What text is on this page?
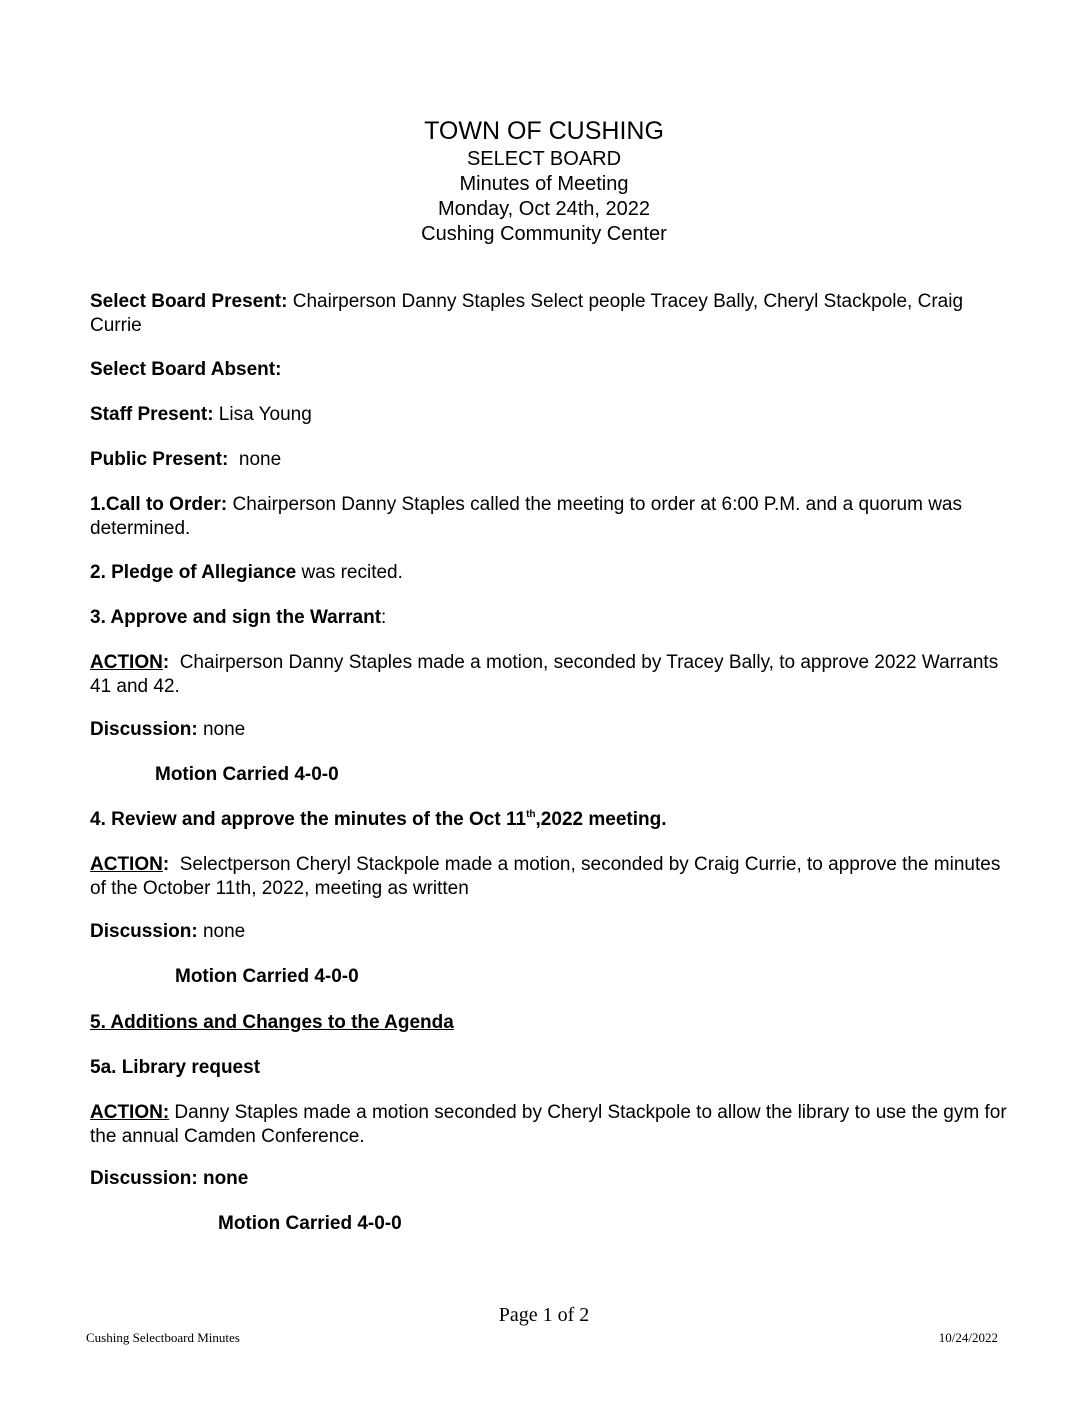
TOWN OF CUSHING
SELECT BOARD
Minutes of Meeting
Monday, Oct 24th, 2022
Cushing Community Center
Select Board Present: Chairperson Danny Staples Select people Tracey Bally, Cheryl Stackpole, Craig Currie
Select Board Absent:
Staff Present: Lisa Young
Public Present:  none
1.Call to Order: Chairperson Danny Staples called the meeting to order at 6:00 P.M. and a quorum was determined.
2. Pledge of Allegiance was recited.
3. Approve and sign the Warrant:
ACTION:  Chairperson Danny Staples made a motion, seconded by Tracey Bally, to approve 2022 Warrants 41 and 42.
Discussion: none
Motion Carried 4-0-0
4. Review and approve the minutes of the Oct 11th,2022 meeting.
ACTION:  Selectperson Cheryl Stackpole made a motion, seconded by Craig Currie, to approve the minutes of the October 11th, 2022, meeting as written
Discussion: none
Motion Carried 4-0-0
5. Additions and Changes to the Agenda
5a. Library request
ACTION: Danny Staples made a motion seconded by Cheryl Stackpole to allow the library to use the gym for the annual Camden Conference.
Discussion: none
Motion Carried 4-0-0
Page 1 of 2
Cushing Selectboard Minutes	10/24/2022
